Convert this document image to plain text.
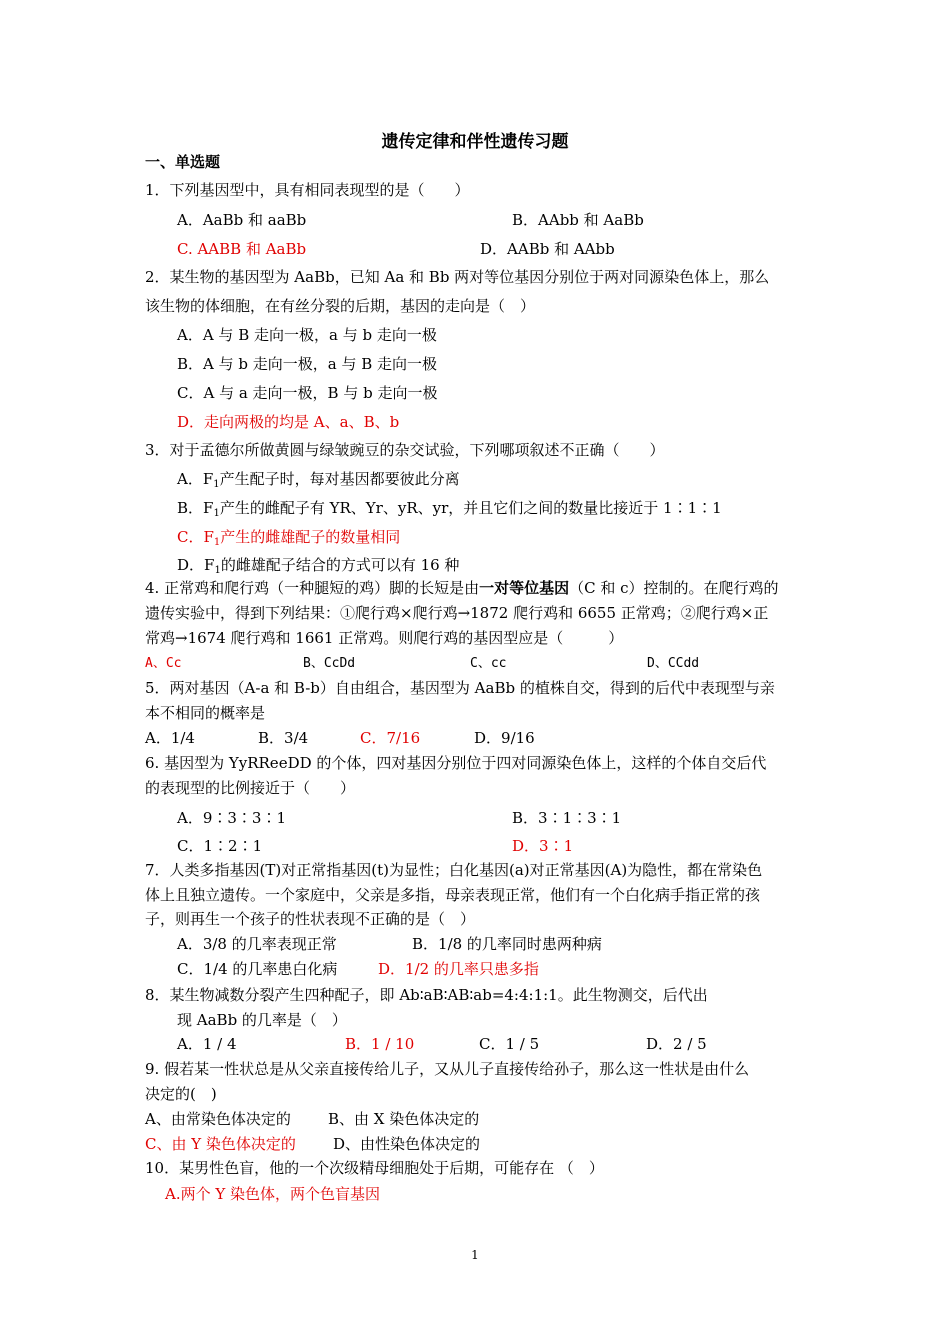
遗传定律和伴性遗传习题
一、单选题
1．下列基因型中，具有相同表现型的是（　　）
A．AaBb 和 aaBb	B．AAbb 和 AaBb
C. AABB 和 AaBb	D．AABb 和 AAbb
2．某生物的基因型为 AaBb，已知 Aa 和 Bb 两对等位基因分别位于两对同源染色体上，那么
该生物的体细胞，在有丝分裂的后期，基因的走向是（　）
A．A 与 B 走向一极，a 与 b 走向一极
B．A 与 b 走向一极，a 与 B 走向一极
C．A 与 a 走向一极，B 与 b 走向一极
D．走向两极的均是 A、a、B、b
3．对于孟德尔所做黄圆与绿皱豌豆的杂交试验，下列哪项叙述不正确（　　）
A．$F_1$产生配子时，每对基因都要彼此分离
B．$F_1$产生的雌配子有 YR、Yr、yR、yr，并且它们之间的数量比接近于 1∶1∶1
C．$F_1$产生的雌雄配子的数量相同
D．$F_1$的雌雄配子结合的方式可以有 16 种
4. 正常鸡和爬行鸡（一种腿短的鸡）脚的长短是由一对等位基因（C 和 c）控制的。在爬行鸡的
遗传实验中，得到下列结果：①爬行鸡×爬行鸡→1872 爬行鸡和 6655 正常鸡；②爬行鸡×正
常鸡→1674 爬行鸡和 1661 正常鸡。则爬行鸡的基因型应是（　　　）
A、Cc	B、CcDd	C、cc	D、CCdd
5．两对基因（A-a 和 B-b）自由组合，基因型为 AaBb 的植株自交，得到的后代中表现型与亲
本不相同的概率是
A．1/4	B．3/4	C．7/16	D．9/16
6. 基因型为 YyRReeDD 的个体，四对基因分别位于四对同源染色体上，这样的个体自交后代
的表现型的比例接近于（　　）
A．9∶3∶3∶1	B．3∶1∶3∶1
C．1∶2∶1	D．3∶1
7．人类多指基因(T)对正常指基因(t)为显性；白化基因(a)对正常基因(A)为隐性，都在常染色
体上且独立遗传。一个家庭中，父亲是多指，母亲表现正常，他们有一个白化病手指正常的孩
子，则再生一个孩子的性状表现不正确的是（　）
A．3/8 的几率表现正常	B．1/8 的几率同时患两种病
C．1/4 的几率患白化病	D．1/2 的几率只患多指
8．某生物减数分裂产生四种配子，即 Ab∶aB∶AB∶ab=4:4:1:1。此生物测交，后代出
现 AaBb 的几率是（　）
A．1 / 4	B．1 / 10	C．1 / 5	D．2 / 5
9. 假若某一性状总是从父亲直接传给儿子，又从儿子直接传给孙子，那么这一性状是由什么
决定的(　)
A、由常染色体决定的 B、由 X 染色体决定的
C、由 Y 染色体决定的 D、由性染色体决定的
10．某男性色盲，他的一个次级精母细胞处于后期，可能存在 （　）
A.两个 Y 染色体，两个色盲基因
1
